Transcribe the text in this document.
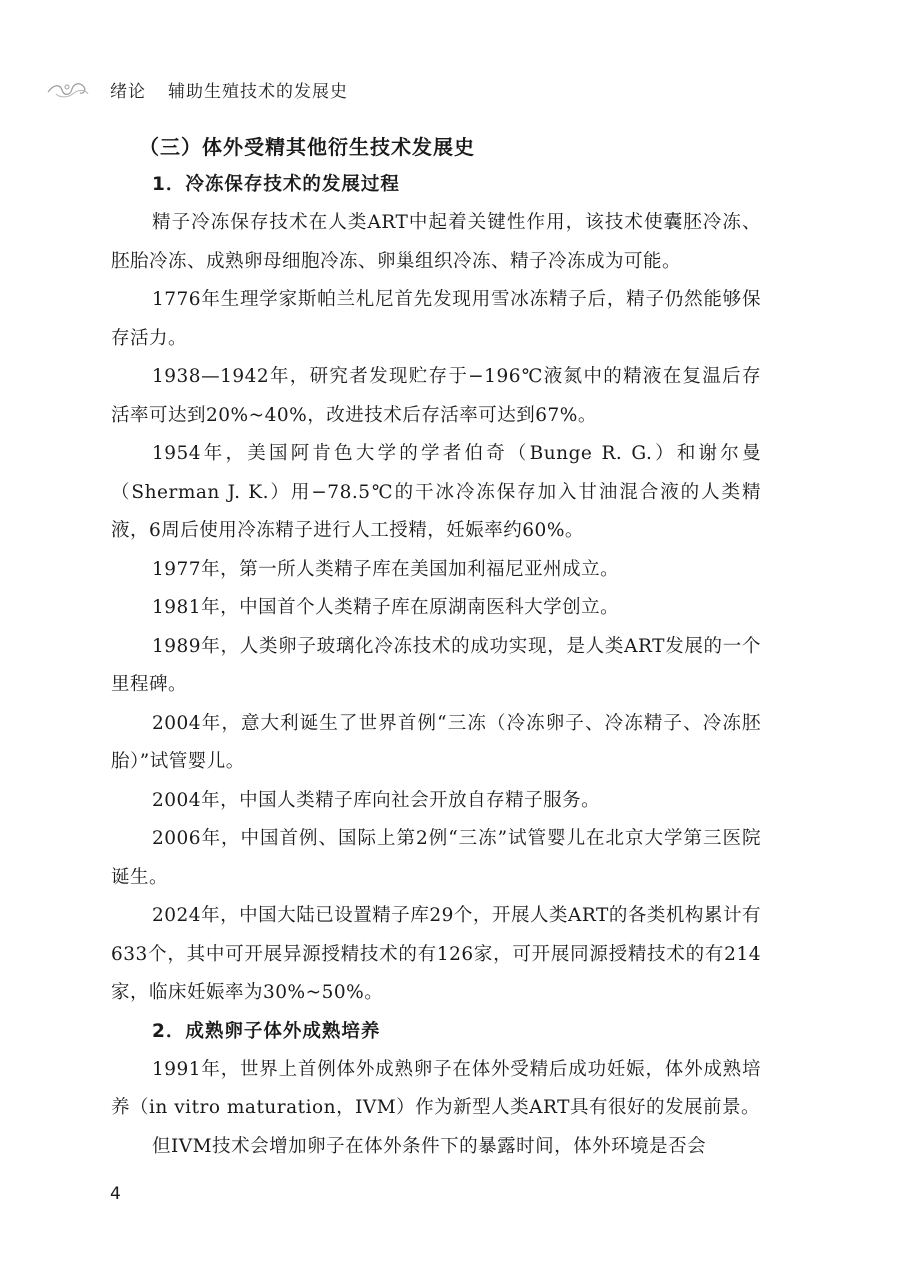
绪论 辅助生殖技术的发展史
（三）体外受精其他衍生技术发展史
1．冷冻保存技术的发展过程

精子冷冻保存技术在人类ART中起着关键性作用，该技术使囊胚冷冻、胚胎冷冻、成熟卵母细胞冷冻、卵巢组织冷冻、精子冷冻成为可能。

1776年生理学家斯帕兰札尼首先发现用雪冰冻精子后，精子仍然能够保存活力。

1938—1942年，研究者发现贮存于−196℃液氮中的精液在复温后存活率可达到20%~40%，改进技术后存活率可达到67%。

1954年，美国阿肯色大学的学者伯奇（Bunge R. G.）和谢尔曼（Sherman J. K.）用−78.5℃的干冰冷冻保存加入甘油混合液的人类精液，6周后使用冷冻精子进行人工授精，妊娠率约60%。

1977年，第一所人类精子库在美国加利福尼亚州成立。

1981年，中国首个人类精子库在原湖南医科大学创立。

1989年，人类卵子玻璃化冷冻技术的成功实现，是人类ART发展的一个里程碑。

2004年，意大利诞生了世界首例“三冻（冷冻卵子、冷冻精子、冷冻胚胎）”试管婴儿。

2004年，中国人类精子库向社会开放自存精子服务。

2006年，中国首例、国际上第2例“三冻”试管婴儿在北京大学第三医院诞生。

2024年，中国大陆已设置精子库29个，开展人类ART的各类机构累计有633个，其中可开展异源授精技术的有126家，可开展同源授精技术的有214家，临床妊娠率为30%~50%。

2．成熟卵子体外成熟培养

1991年，世界上首例体外成熟卵子在体外受精后成功妊娠，体外成熟培养（in vitro maturation，IVM）作为新型人类ART具有很好的发展前景。

但IVM技术会增加卵子在体外条件下的暴露时间，体外环境是否会

4
